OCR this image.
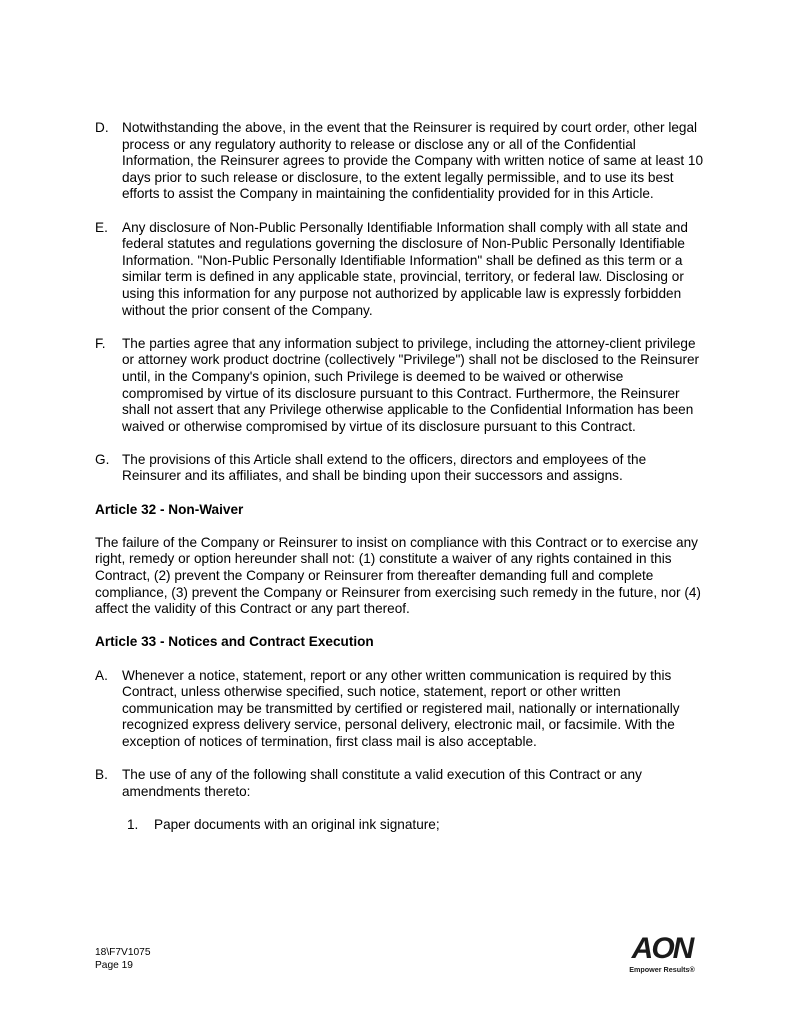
D. Notwithstanding the above, in the event that the Reinsurer is required by court order, other legal process or any regulatory authority to release or disclose any or all of the Confidential Information, the Reinsurer agrees to provide the Company with written notice of same at least 10 days prior to such release or disclosure, to the extent legally permissible, and to use its best efforts to assist the Company in maintaining the confidentiality provided for in this Article.
E.	Any disclosure of Non-Public Personally Identifiable Information shall comply with all state and federal statutes and regulations governing the disclosure of Non-Public Personally Identifiable Information. "Non-Public Personally Identifiable Information" shall be defined as this term or a similar term is defined in any applicable state, provincial, territory, or federal law. Disclosing or using this information for any purpose not authorized by applicable law is expressly forbidden without the prior consent of the Company.
F.	The parties agree that any information subject to privilege, including the attorney-client privilege or attorney work product doctrine (collectively "Privilege") shall not be disclosed to the Reinsurer until, in the Company's opinion, such Privilege is deemed to be waived or otherwise compromised by virtue of its disclosure pursuant to this Contract. Furthermore, the Reinsurer shall not assert that any Privilege otherwise applicable to the Confidential Information has been waived or otherwise compromised by virtue of its disclosure pursuant to this Contract.
G. The provisions of this Article shall extend to the officers, directors and employees of the Reinsurer and its affiliates, and shall be binding upon their successors and assigns.
Article 32 - Non-Waiver
The failure of the Company or Reinsurer to insist on compliance with this Contract or to exercise any right, remedy or option hereunder shall not: (1) constitute a waiver of any rights contained in this Contract, (2) prevent the Company or Reinsurer from thereafter demanding full and complete compliance, (3) prevent the Company or Reinsurer from exercising such remedy in the future, nor (4) affect the validity of this Contract or any part thereof.
Article 33 - Notices and Contract Execution
A.	Whenever a notice, statement, report or any other written communication is required by this Contract, unless otherwise specified, such notice, statement, report or other written communication may be transmitted by certified or registered mail, nationally or internationally recognized express delivery service, personal delivery, electronic mail, or facsimile. With the exception of notices of termination, first class mail is also acceptable.
B.	The use of any of the following shall constitute a valid execution of this Contract or any amendments thereto:
1.	Paper documents with an original ink signature;
18\F7V1075
Page 19
AON
Empower Results®
